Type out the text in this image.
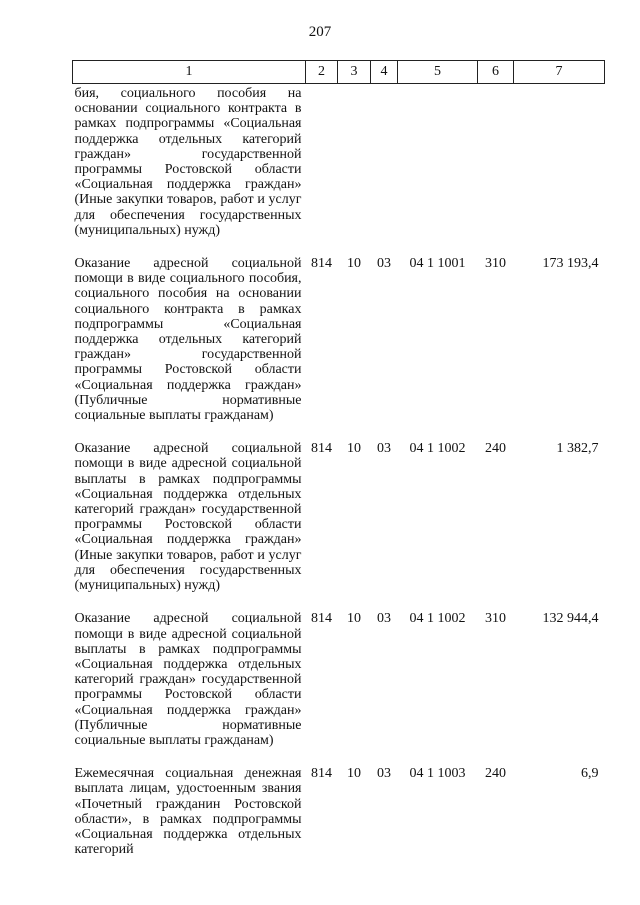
207
1	2	3	4	5	6	7
бия, социального пособия на основании социального контракта в рамках подпрограммы «Социальная поддержка отдельных категорий граждан» государственной программы Ростовской области «Социальная поддержка граждан» (Иные закупки товаров, работ и услуг для обеспечения государственных (муниципальных) нужд)						
Оказание адресной социальной помощи в виде социального пособия, социального пособия на основании социального контракта в рамках подпрограммы «Социальная поддержка отдельных категорий граждан» государственной программы Ростовской области «Социальная поддержка граждан» (Публичные нормативные социальные выплаты гражданам)	814	10	03	04 1 1001	310	173 193,4
Оказание адресной социальной помощи в виде адресной социальной выплаты в рамках подпрограммы «Социальная поддержка отдельных категорий граждан» государственной программы Ростовской области «Социальная поддержка граждан» (Иные закупки товаров, работ и услуг для обеспечения государственных (муниципальных) нужд)	814	10	03	04 1 1002	240	1 382,7
Оказание адресной социальной помощи в виде адресной социальной выплаты в рамках подпрограммы «Социальная поддержка отдельных категорий граждан» государственной программы Ростовской области «Социальная поддержка граждан» (Публичные нормативные социальные выплаты гражданам)	814	10	03	04 1 1002	310	132 944,4
Ежемесячная социальная денежная выплата лицам, удостоенным звания «Почетный гражданин Ростовской области», в рамках подпрограммы «Социальная поддержка отдельных категорий	814	10	03	04 1 1003	240	6,9
